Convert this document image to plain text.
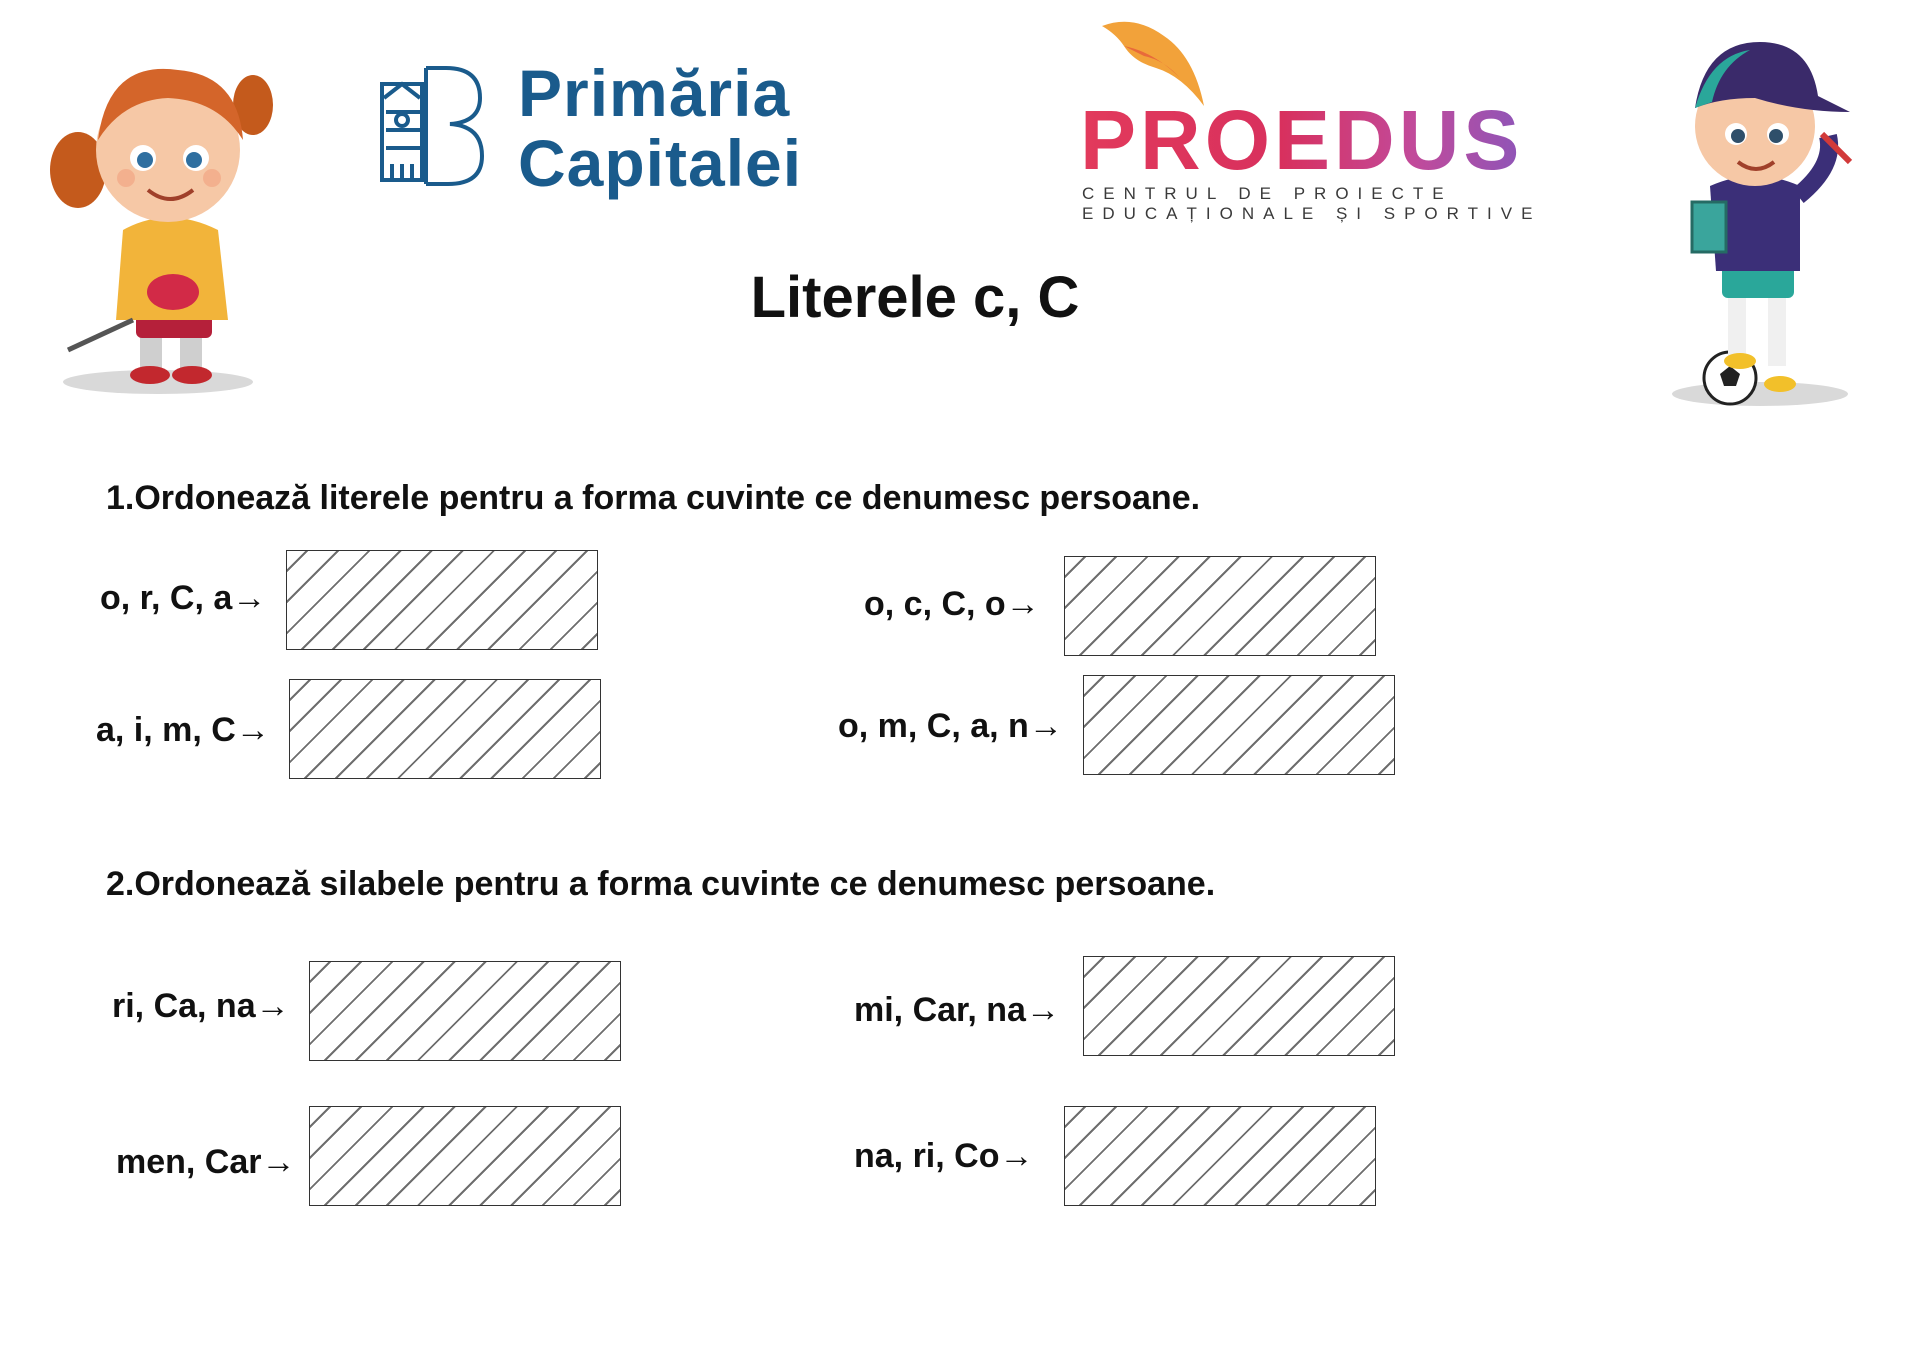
Primăria
Capitalei	PROEDUS
CENTRUL DE PROIECTE
EDUCAȚIONALE ȘI SPORTIVE
Literele c, C
1.Ordonează literele pentru a forma cuvinte ce denumesc persoane.
o, r, C, a→	o, c, C, o→
a, i, m, C→	o, m, C, a, n→
2.Ordonează silabele pentru a forma cuvinte ce denumesc persoane.
ri, Ca, na→	mi, Car, na→
men, Car→	na, ri, Co→
